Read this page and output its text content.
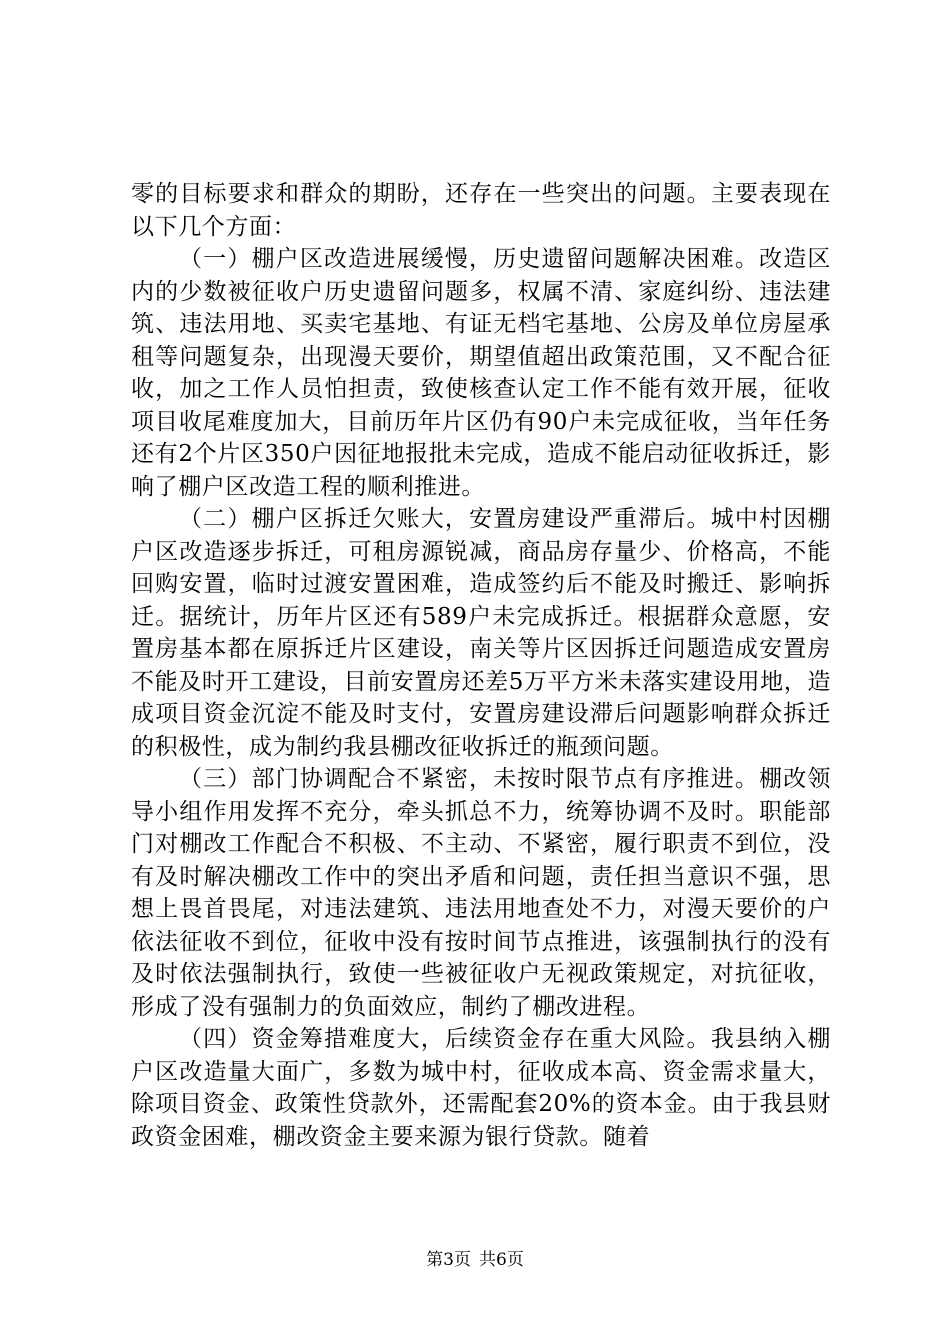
零的目标要求和群众的期盼，还存在一些突出的问题。主要表现在以下几个方面：

（一）棚户区改造进展缓慢，历史遗留问题解决困难。改造区内的少数被征收户历史遗留问题多，权属不清、家庭纠纷、违法建筑、违法用地、买卖宅基地、有证无档宅基地、公房及单位房屋承租等问题复杂，出现漫天要价，期望值超出政策范围，又不配合征收，加之工作人员怕担责，致使核查认定工作不能有效开展，征收项目收尾难度加大，目前历年片区仍有90户未完成征收，当年任务还有2个片区350户因征地报批未完成，造成不能启动征收拆迁，影响了棚户区改造工程的顺利推进。

（二）棚户区拆迁欠账大，安置房建设严重滞后。城中村因棚户区改造逐步拆迁，可租房源锐减，商品房存量少、价格高，不能回购安置，临时过渡安置困难，造成签约后不能及时搬迁、影响拆迁。据统计，历年片区还有589户未完成拆迁。根据群众意愿，安置房基本都在原拆迁片区建设，南关等片区因拆迁问题造成安置房不能及时开工建设，目前安置房还差5万平方米未落实建设用地，造成项目资金沉淀不能及时支付，安置房建设滞后问题影响群众拆迁的积极性，成为制约我县棚改征收拆迁的瓶颈问题。

（三）部门协调配合不紧密，未按时限节点有序推进。棚改领导小组作用发挥不充分，牵头抓总不力，统筹协调不及时。职能部门对棚改工作配合不积极、不主动、不紧密，履行职责不到位，没有及时解决棚改工作中的突出矛盾和问题，责任担当意识不强，思想上畏首畏尾，对违法建筑、违法用地查处不力，对漫天要价的户依法征收不到位，征收中没有按时间节点推进，该强制执行的没有及时依法强制执行，致使一些被征收户无视政策规定，对抗征收，形成了没有强制力的负面效应，制约了棚改进程。

（四）资金筹措难度大，后续资金存在重大风险。我县纳入棚户区改造量大面广，多数为城中村，征收成本高、资金需求量大，除项目资金、政策性贷款外，还需配套20%的资本金。由于我县财政资金困难，棚改资金主要来源为银行贷款。随着

第3页 共6页
